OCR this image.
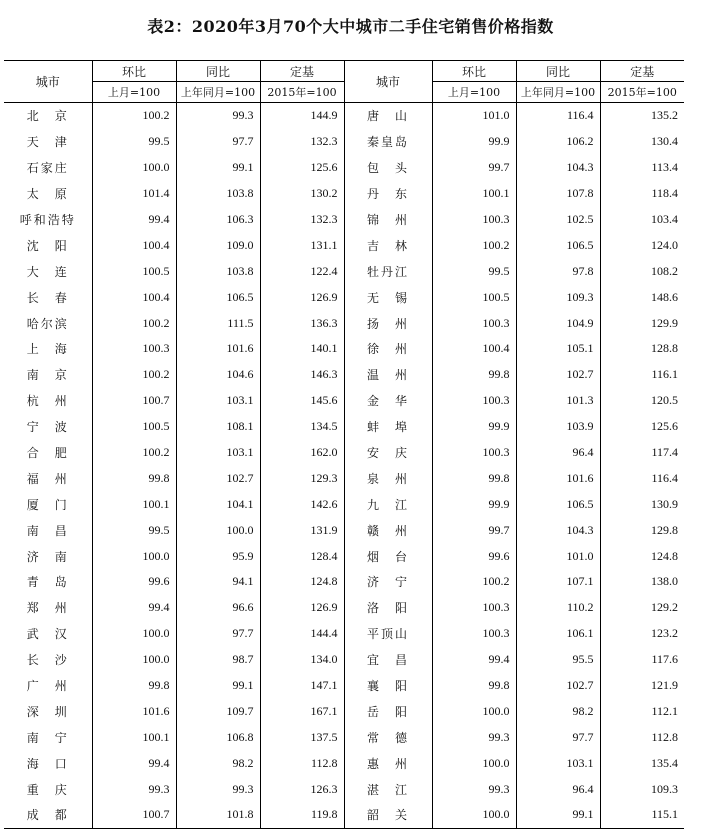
表2：2020年3月70个大中城市二手住宅销售价格指数
城市	环比	同比	定基	城市	环比	同比	定基
	上月=100	上年同月=100	2015年=100		上月=100	上年同月=100	2015年=100
北　京	100.2	99.3	144.9	唐　山	101.0	116.4	135.2
天　津	99.5	97.7	132.3	秦皇岛	99.9	106.2	130.4
石家庄	100.0	99.1	125.6	包　头	99.7	104.3	113.4
太　原	101.4	103.8	130.2	丹　东	100.1	107.8	118.4
呼和浩特	99.4	106.3	132.3	锦　州	100.3	102.5	103.4
沈　阳	100.4	109.0	131.1	吉　林	100.2	106.5	124.0
大　连	100.5	103.8	122.4	牡丹江	99.5	97.8	108.2
长　春	100.4	106.5	126.9	无　锡	100.5	109.3	148.6
哈尔滨	100.2	111.5	136.3	扬　州	100.3	104.9	129.9
上　海	100.3	101.6	140.1	徐　州	100.4	105.1	128.8
南　京	100.2	104.6	146.3	温　州	99.8	102.7	116.1
杭　州	100.7	103.1	145.6	金　华	100.3	101.3	120.5
宁　波	100.5	108.1	134.5	蚌　埠	99.9	103.9	125.6
合　肥	100.2	103.1	162.0	安　庆	100.3	96.4	117.4
福　州	99.8	102.7	129.3	泉　州	99.8	101.6	116.4
厦　门	100.1	104.1	142.6	九　江	99.9	106.5	130.9
南　昌	99.5	100.0	131.9	赣　州	99.7	104.3	129.8
济　南	100.0	95.9	128.4	烟　台	99.6	101.0	124.8
青　岛	99.6	94.1	124.8	济　宁	100.2	107.1	138.0
郑　州	99.4	96.6	126.9	洛　阳	100.3	110.2	129.2
武　汉	100.0	97.7	144.4	平顶山	100.3	106.1	123.2
长　沙	100.0	98.7	134.0	宜　昌	99.4	95.5	117.6
广　州	99.8	99.1	147.1	襄　阳	99.8	102.7	121.9
深　圳	101.6	109.7	167.1	岳　阳	100.0	98.2	112.1
南　宁	100.1	106.8	137.5	常　德	99.3	97.7	112.8
海　口	99.4	98.2	112.8	惠　州	100.0	103.1	135.4
重　庆	99.3	99.3	126.3	湛　江	99.3	96.4	109.3
成　都	100.7	101.8	119.8	韶　关	100.0	99.1	115.1
